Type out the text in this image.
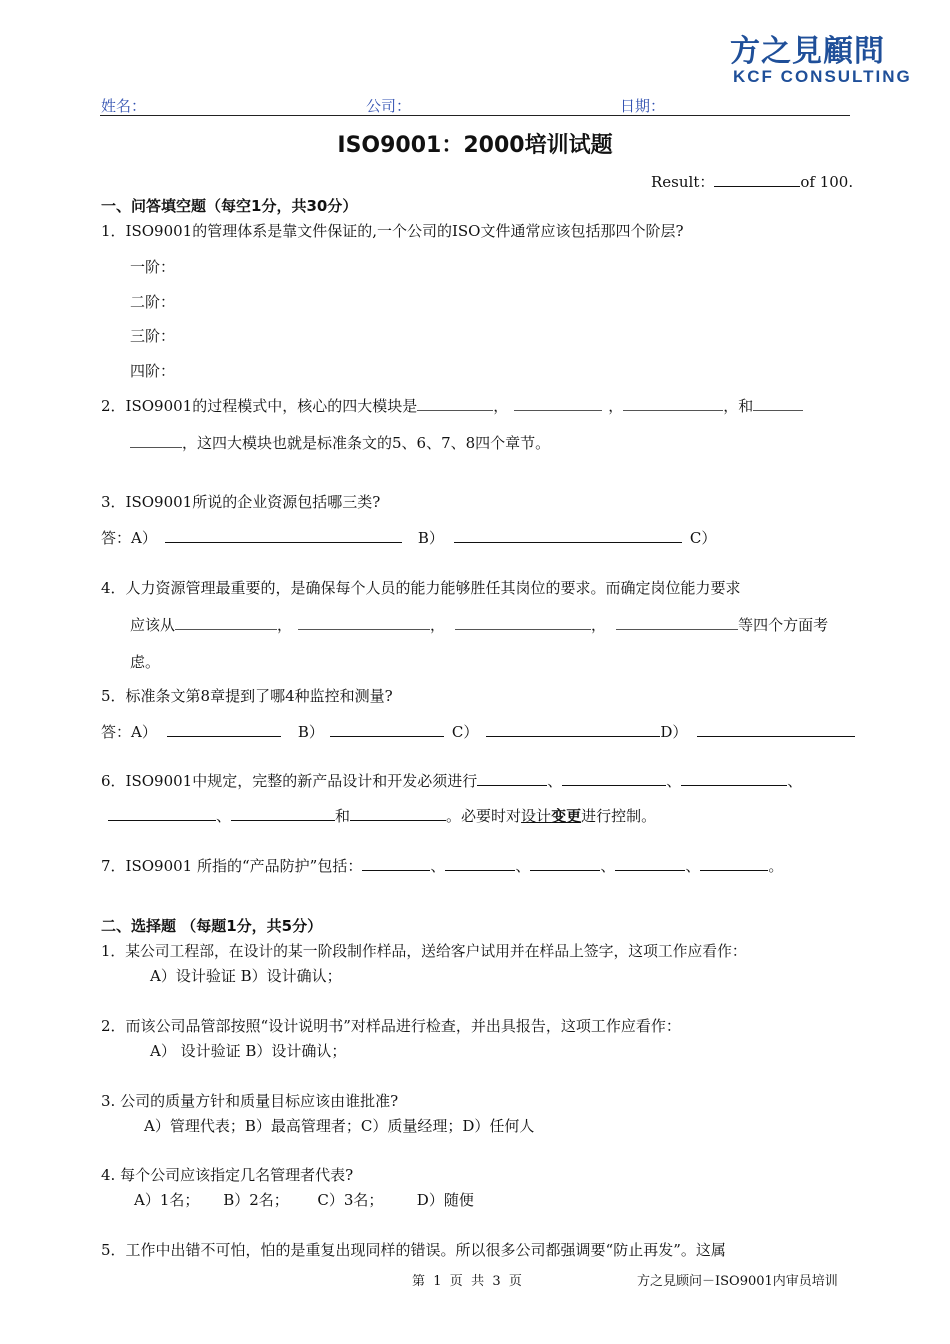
方之見顧問
KCF CONSULTING
姓名：	公司：	日期：
ISO9001：2000培训试题
Result：	of 100.
一、问答填空题（每空1分，共30分）
1．ISO9001的管理体系是靠文件保证的,一个公司的ISO文件通常应该包括那四个阶层?
一阶：
二阶：
三阶：
四阶：
2．ISO9001的过程模式中，核心的四大模块是	，	，	，和
，这四大模块也就是标准条文的5、6、7、8四个章节。
3．ISO9001所说的企业资源包括哪三类?
答：A）	B）	C）
4．人力资源管理最重要的，是确保每个人员的能力能够胜任其岗位的要求。而确定岗位能力要求
应该从	，	，	，	等四个方面考
虑。
5．标准条文第8章提到了哪4种监控和测量?
答：A）	B）	C）	D）
6．ISO9001中规定，完整的新产品设计和开发必须进行	、	、	、
、	和	。必要时对设计变更进行控制。
7．ISO9001 所指的“产品防护”包括：	、	、	、	、	。
二、选择题 （每题1分，共5分）
1．某公司工程部，在设计的某一阶段制作样品，送给客户试用并在样品上签字，这项工作应看作：
A）设计验证 B）设计确认；
2．而该公司品管部按照“设计说明书”对样品进行检查，并出具报告，这项工作应看作：
A） 设计验证 B）设计确认；
3. 公司的质量方针和质量目标应该由谁批准?
A）管理代表；B）最高管理者；C）质量经理；D）任何人
4. 每个公司应该指定几名管理者代表?
A）1名；     B）2名；      C）3名；       D）随便
5．工作中出错不可怕，怕的是重复出现同样的错误。所以很多公司都强调要“防止再发”。这属
第  1  页  共  3  页	方之見顾问－ISO9001内审员培训
